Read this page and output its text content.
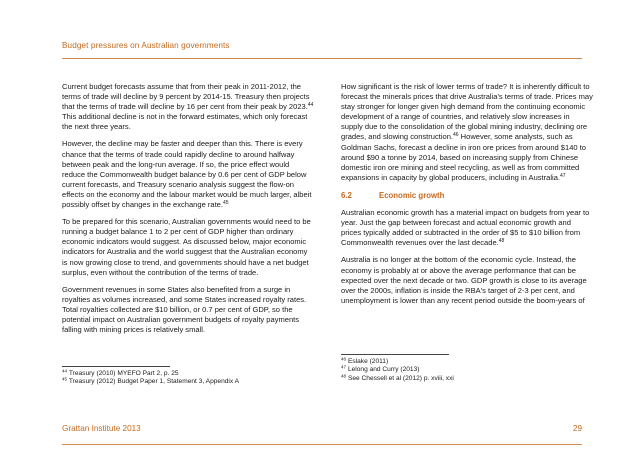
Budget pressures on Australian governments

Current budget forecasts assume that from their peak in 2011-2012, the terms of trade will decline by 9 percent by 2014-15. Treasury then projects that the terms of trade will decline by 16 per cent from their peak by 2023.44 This additional decline is not in the forward estimates, which only forecast the next three years.

However, the decline may be faster and deeper than this. There is every chance that the terms of trade could rapidly decline to around halfway between peak and the long-run average. If so, the price effect would reduce the Commonwealth budget balance by 0.6 per cent of GDP below current forecasts, and Treasury scenario analysis suggest the flow-on effects on the economy and the labour market would be much larger, albeit possibly offset by changes in the exchange rate.$^{45}$

To be prepared for this scenario, Australian governments would need to be running a budget balance 1 to 2 per cent of GDP higher than ordinary economic indicators would suggest. As discussed below, major economic indicators for Australia and the world suggest that the Australian economy is now growing close to trend, and governments should have a net budget surplus, even without the contribution of the terms of trade.

Government revenues in some States also benefited from a surge in royalties as volumes increased, and some States increased royalty rates. Total royalties collected are $10 billion, or 0.7 per cent of GDP, so the potential impact on Australian government budgets of royalty payments falling with mining prices is relatively small.

$^{44}$ Treasury (2010) MYEFO Part 2, p. 25
$^{45}$ Treasury (2012) Budget Paper 1, Statement 3, Appendix A

How significant is the risk of lower terms of trade? It is inherently difficult to forecast the minerals prices that drive Australia's terms of trade. Prices may stay stronger for longer given high demand from the continuing economic development of a range of countries, and relatively slow increases in supply due to the consolidation of the global mining industry, declining ore grades, and slowing construction.$^{46}$ However, some analysts, such as Goldman Sachs, forecast a decline in iron ore prices from around $140 to around $90 a tonne by 2014, based on increasing supply from Chinese domestic iron ore mining and steel recycling, as well as from committed expansions in capacity by global producers, including in Australia.$^{47}$

6.2	Economic growth

Australian economic growth has a material impact on budgets from year to year. Just the gap between forecast and actual economic growth and prices typically added or subtracted in the order of $5 to $10 billion from Commonwealth revenues over the last decade.$^{48}$

Australia is no longer at the bottom of the economic cycle. Instead, the economy is probably at or above the average performance that can be expected over the next decade or two. GDP growth is close to its average over the 2000s, inflation is inside the RBA's target of 2-3 per cent, and unemployment is lower than any recent period outside the boom-years of

$^{46}$ Eslake (2011)
$^{47}$ Lelong and Curry (2013)
$^{48}$ See Chessell et al (2012) p. xviii, xxi
Grattan Institute 2013	29
